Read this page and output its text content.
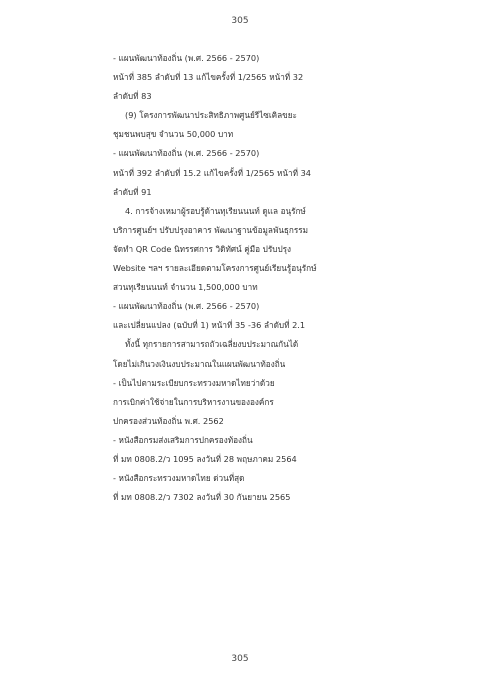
305
- แผนพัฒนาท้องถิ่น (พ.ศ. 2566 - 2570)
หน้าที่ 385 ลำดับที่ 13 แก้ไขครั้งที่ 1/2565 หน้าที่ 32
ลำดับที่ 83
(9) โครงการพัฒนาประสิทธิภาพศูนย์รีไซเคิลขยะ
ชุมชนพบสุข จำนวน 50,000 บาท
- แผนพัฒนาท้องถิ่น (พ.ศ. 2566 - 2570)
หน้าที่ 392 ลำดับที่ 15.2 แก้ไขครั้งที่ 1/2565 หน้าที่ 34
ลำดับที่ 91
4. การจ้างเหมาผู้รอบรู้ด้านทุเรียนนนท์ ดูแล อนุรักษ์
บริการศูนย์ฯ ปรับปรุงอาคาร พัฒนาฐานข้อมูลพันธุกรรม
จัดทำ QR Code นิทรรศการ วิดิทัศน์ คู่มือ ปรับปรุง
Website ฯลฯ รายละเอียดตามโครงการศูนย์เรียนรู้อนุรักษ์
สวนทุเรียนนนท์ จำนวน 1,500,000 บาท
- แผนพัฒนาท้องถิ่น (พ.ศ. 2566 - 2570)
และเปลี่ยนแปลง (ฉบับที่ 1) หน้าที่ 35 -36 ลำดับที่ 2.1
ทั้งนี้ ทุกรายการสามารถถัวเฉลี่ยงบประมาณกันได้
โดยไม่เกินวงเงินงบประมาณในแผนพัฒนาท้องถิ่น
- เป็นไปตามระเบียบกระทรวงมหาดไทยว่าด้วย
การเบิกค่าใช้จ่ายในการบริหารงานขององค์กร
ปกครองส่วนท้องถิ่น พ.ศ. 2562
- หนังสือกรมส่งเสริมการปกครองท้องถิ่น
ที่ มท 0808.2/ว 1095 ลงวันที่ 28 พฤษภาคม 2564
- หนังสือกระทรวงมหาดไทย ด่วนที่สุด
ที่ มท 0808.2/ว 7302 ลงวันที่ 30 กันยายน 2565
305
